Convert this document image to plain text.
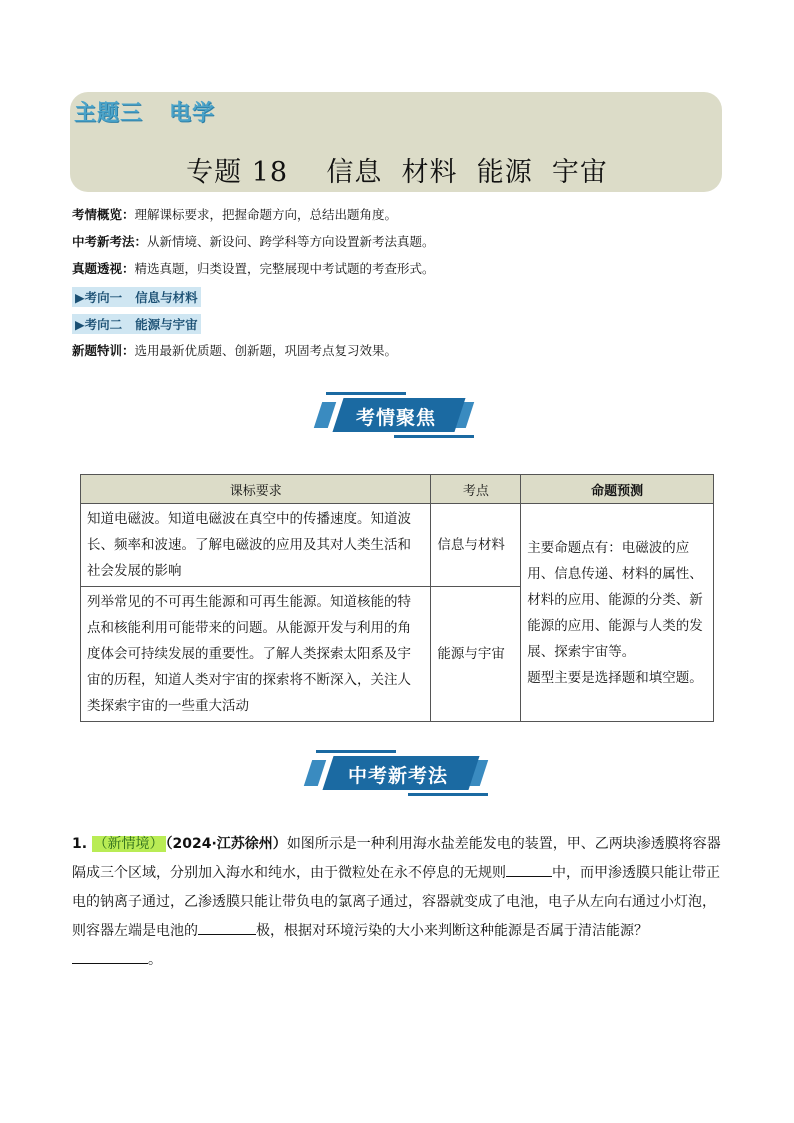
主题三   电学
专题 18    信息  材料  能源  宇宙
考情概览：理解课标要求，把握命题方向，总结出题角度。
中考新考法：从新情境、新设问、跨学科等方向设置新考法真题。
真题透视：精选真题，归类设置，完整展现中考试题的考查形式。
▶考向一   信息与材料
▶考向二   能源与宇宙
新题特训：选用最新优质题、创新题，巩固考点复习效果。
考情聚焦
课标要求	考点	命题预测
知道电磁波。知道电磁波在真空中的传播速度。知道波长、频率和波速。了解电磁波的应用及其对人类生活和社会发展的影响	信息与材料	主要命题点有：电磁波的应用、信息传递、材料的属性、材料的应用、能源的分类、新能源的应用、能源与人类的发展、探索宇宙等。
题型主要是选择题和填空题。

列举常见的不可再生能源和可再生能源。知道核能的特点和核能利用可能带来的问题。从能源开发与利用的角度体会可持续发展的重要性。了解人类探索太阳系及宇宙的历程，知道人类对宇宙的探索将不断深入，关注人类探索宇宙的一些重大活动	能源与宇宙	
中考新考法
1. （新情境） （2024·江苏徐州）如图所示是一种利用海水盐差能发电的装置，甲、乙两块渗透膜将容器隔成三个区域，分别加入海水和纯水，由于微粒处在永不停息的无规则	中，而甲渗透膜只能让带正电的钠离子通过，乙渗透膜只能让带负电的氯离子通过，容器就变成了电池，电子从左向右通过小灯泡，则容器左端是电池的	极，根据对环境污染的大小来判断这种能源是否属于清洁能源？。
